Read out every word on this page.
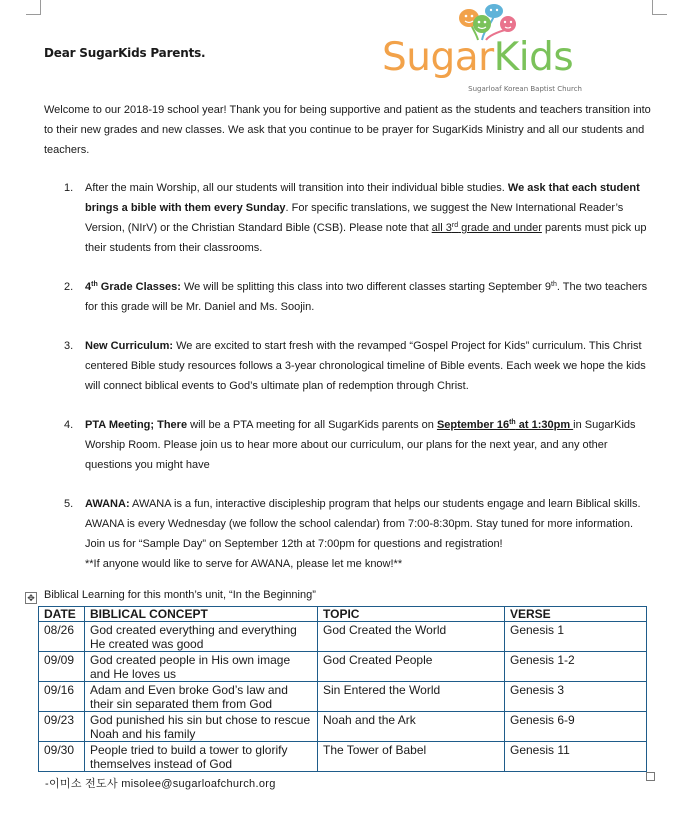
Dear SugarKids Parents.	SugarKids
Sugarloaf Korean Baptist Church
Welcome to our 2018-19 school year! Thank you for being supportive and patient as the students and teachers transition into to their new grades and new classes. We ask that you continue to be prayer for SugarKids Ministry and all our students and teachers.
1. After the main Worship, all our students will transition into their individual bible studies. We ask that each student brings a bible with them every Sunday. For specific translations, we suggest the New International Reader’s Version, (NIrV) or the Christian Standard Bible (CSB). Please note that all 3rd grade and under parents must pick up their students from their classrooms.
2. 4th Grade Classes: We will be splitting this class into two different classes starting September 9th. The two teachers for this grade will be Mr. Daniel and Ms. Soojin.
3. New Curriculum: We are excited to start fresh with the revamped “Gospel Project for Kids” curriculum. This Christ centered Bible study resources follows a 3-year chronological timeline of Bible events. Each week we hope the kids will connect biblical events to God’s ultimate plan of redemption through Christ.
4. PTA Meeting; There will be a PTA meeting for all SugarKids parents on September 16th at 1:30pm in SugarKids Worship Room. Please join us to hear more about our curriculum, our plans for the next year, and any other questions you might have
5. AWANA: AWANA is a fun, interactive discipleship program that helps our students engage and learn Biblical skills. AWANA is every Wednesday (we follow the school calendar) from 7:00-8:30pm. Stay tuned for more information. Join us for “Sample Day” on September 12th at 7:00pm for questions and registration!
**If anyone would like to serve for AWANA, please let me know!**
✥ Biblical Learning for this month’s unit, “In the Beginning”
DATE	BIBLICAL CONCEPT	TOPIC	VERSE
08/26	God created everything and everything He created was good	God Created the World	Genesis 1
09/09	God created people in His own image and He loves us	God Created People	Genesis 1-2
09/16	Adam and Even broke God’s law and their sin separated them from God	Sin Entered the World	Genesis 3
09/23	God punished his sin but chose to rescue Noah and his family	Noah and the Ark	Genesis 6-9
09/30	People tried to build a tower to glorify themselves instead of God	The Tower of Babel	Genesis 11
-이미소 전도사 misolee@sugarloafchurch.org
